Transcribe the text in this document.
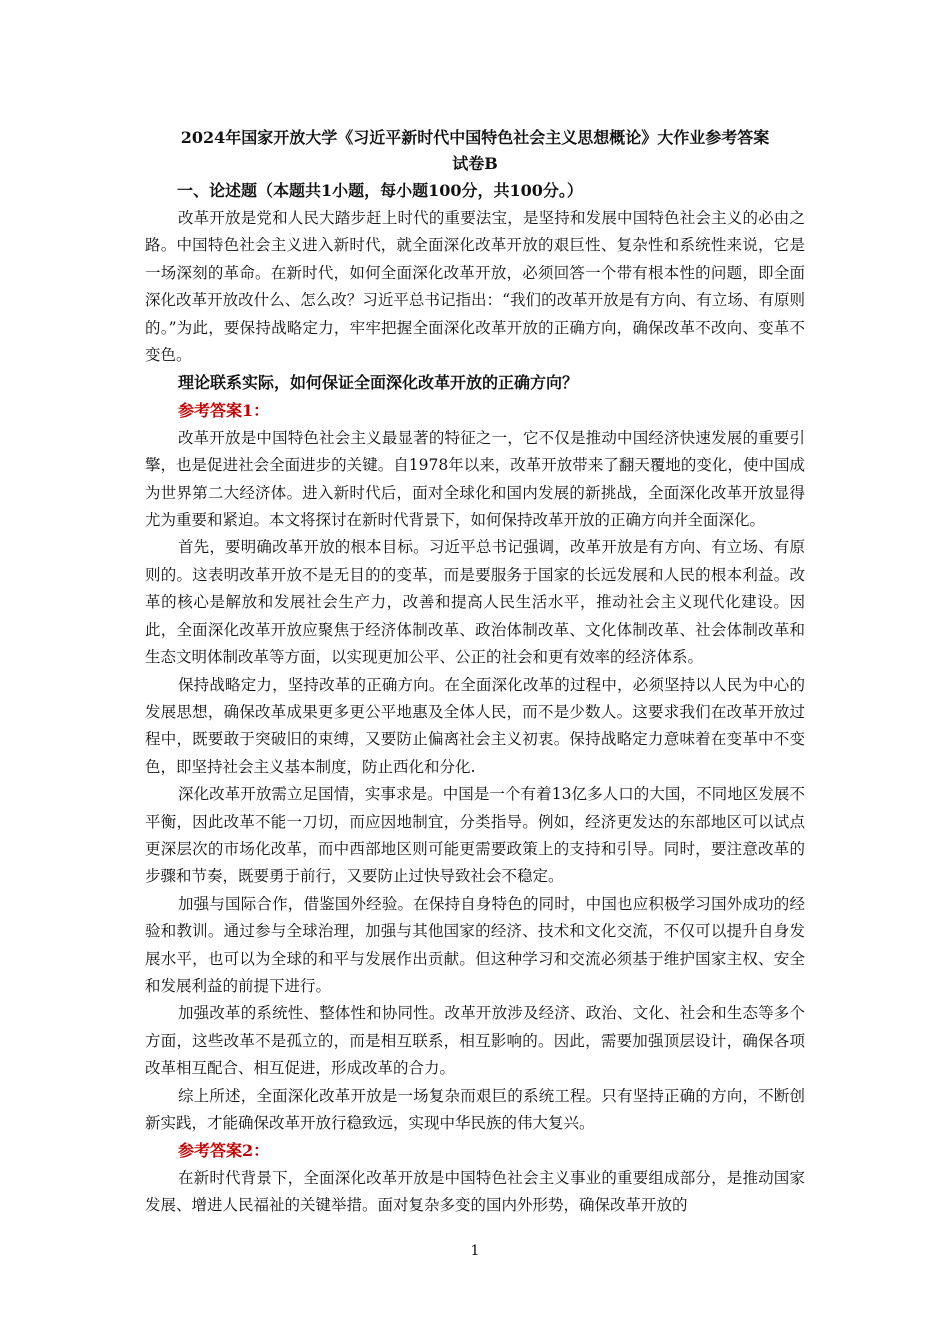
2024年国家开放大学《习近平新时代中国特色社会主义思想概论》大作业参考答案

试卷B

一、论述题（本题共1小题，每小题100分，共100分。）

改革开放是党和人民大踏步赶上时代的重要法宝，是坚持和发展中国特色社会主义的必由之路。中国特色社会主义进入新时代，就全面深化改革开放的艰巨性、复杂性和系统性来说，它是一场深刻的革命。在新时代，如何全面深化改革开放，必须回答一个带有根本性的问题，即全面深化改革开放改什么、怎么改？习近平总书记指出：“我们的改革开放是有方向、有立场、有原则的。”为此，要保持战略定力，牢牢把握全面深化改革开放的正确方向，确保改革不改向、变革不变色。

理论联系实际，如何保证全面深化改革开放的正确方向？

参考答案1：

改革开放是中国特色社会主义最显著的特征之一，它不仅是推动中国经济快速发展的重要引擎，也是促进社会全面进步的关键。自1978年以来，改革开放带来了翻天覆地的变化，使中国成为世界第二大经济体。进入新时代后，面对全球化和国内发展的新挑战，全面深化改革开放显得尤为重要和紧迫。本文将探讨在新时代背景下，如何保持改革开放的正确方向并全面深化。

首先，要明确改革开放的根本目标。习近平总书记强调，改革开放是有方向、有立场、有原则的。这表明改革开放不是无目的的变革，而是要服务于国家的长远发展和人民的根本利益。改革的核心是解放和发展社会生产力，改善和提高人民生活水平，推动社会主义现代化建设。因此，全面深化改革开放应聚焦于经济体制改革、政治体制改革、文化体制改革、社会体制改革和生态文明体制改革等方面，以实现更加公平、公正的社会和更有效率的经济体系。

保持战略定力，坚持改革的正确方向。在全面深化改革的过程中，必须坚持以人民为中心的发展思想，确保改革成果更多更公平地惠及全体人民，而不是少数人。这要求我们在改革开放过程中，既要敢于突破旧的束缚，又要防止偏离社会主义初衷。保持战略定力意味着在变革中不变色，即坚持社会主义基本制度，防止西化和分化.

深化改革开放需立足国情，实事求是。中国是一个有着13亿多人口的大国，不同地区发展不平衡，因此改革不能一刀切，而应因地制宜，分类指导。例如，经济更发达的东部地区可以试点更深层次的市场化改革，而中西部地区则可能更需要政策上的支持和引导。同时，要注意改革的步骤和节奏，既要勇于前行，又要防止过快导致社会不稳定。

加强与国际合作，借鉴国外经验。在保持自身特色的同时，中国也应积极学习国外成功的经验和教训。通过参与全球治理，加强与其他国家的经济、技术和文化交流，不仅可以提升自身发展水平，也可以为全球的和平与发展作出贡献。但这种学习和交流必须基于维护国家主权、安全和发展利益的前提下进行。

加强改革的系统性、整体性和协同性。改革开放涉及经济、政治、文化、社会和生态等多个方面，这些改革不是孤立的，而是相互联系，相互影响的。因此，需要加强顶层设计，确保各项改革相互配合、相互促进，形成改革的合力。

综上所述，全面深化改革开放是一场复杂而艰巨的系统工程。只有坚持正确的方向，不断创新实践，才能确保改革开放行稳致远，实现中华民族的伟大复兴。

参考答案2：

在新时代背景下，全面深化改革开放是中国特色社会主义事业的重要组成部分，是推动国家发展、增进人民福祉的关键举措。面对复杂多变的国内外形势，确保改革开放的

1
